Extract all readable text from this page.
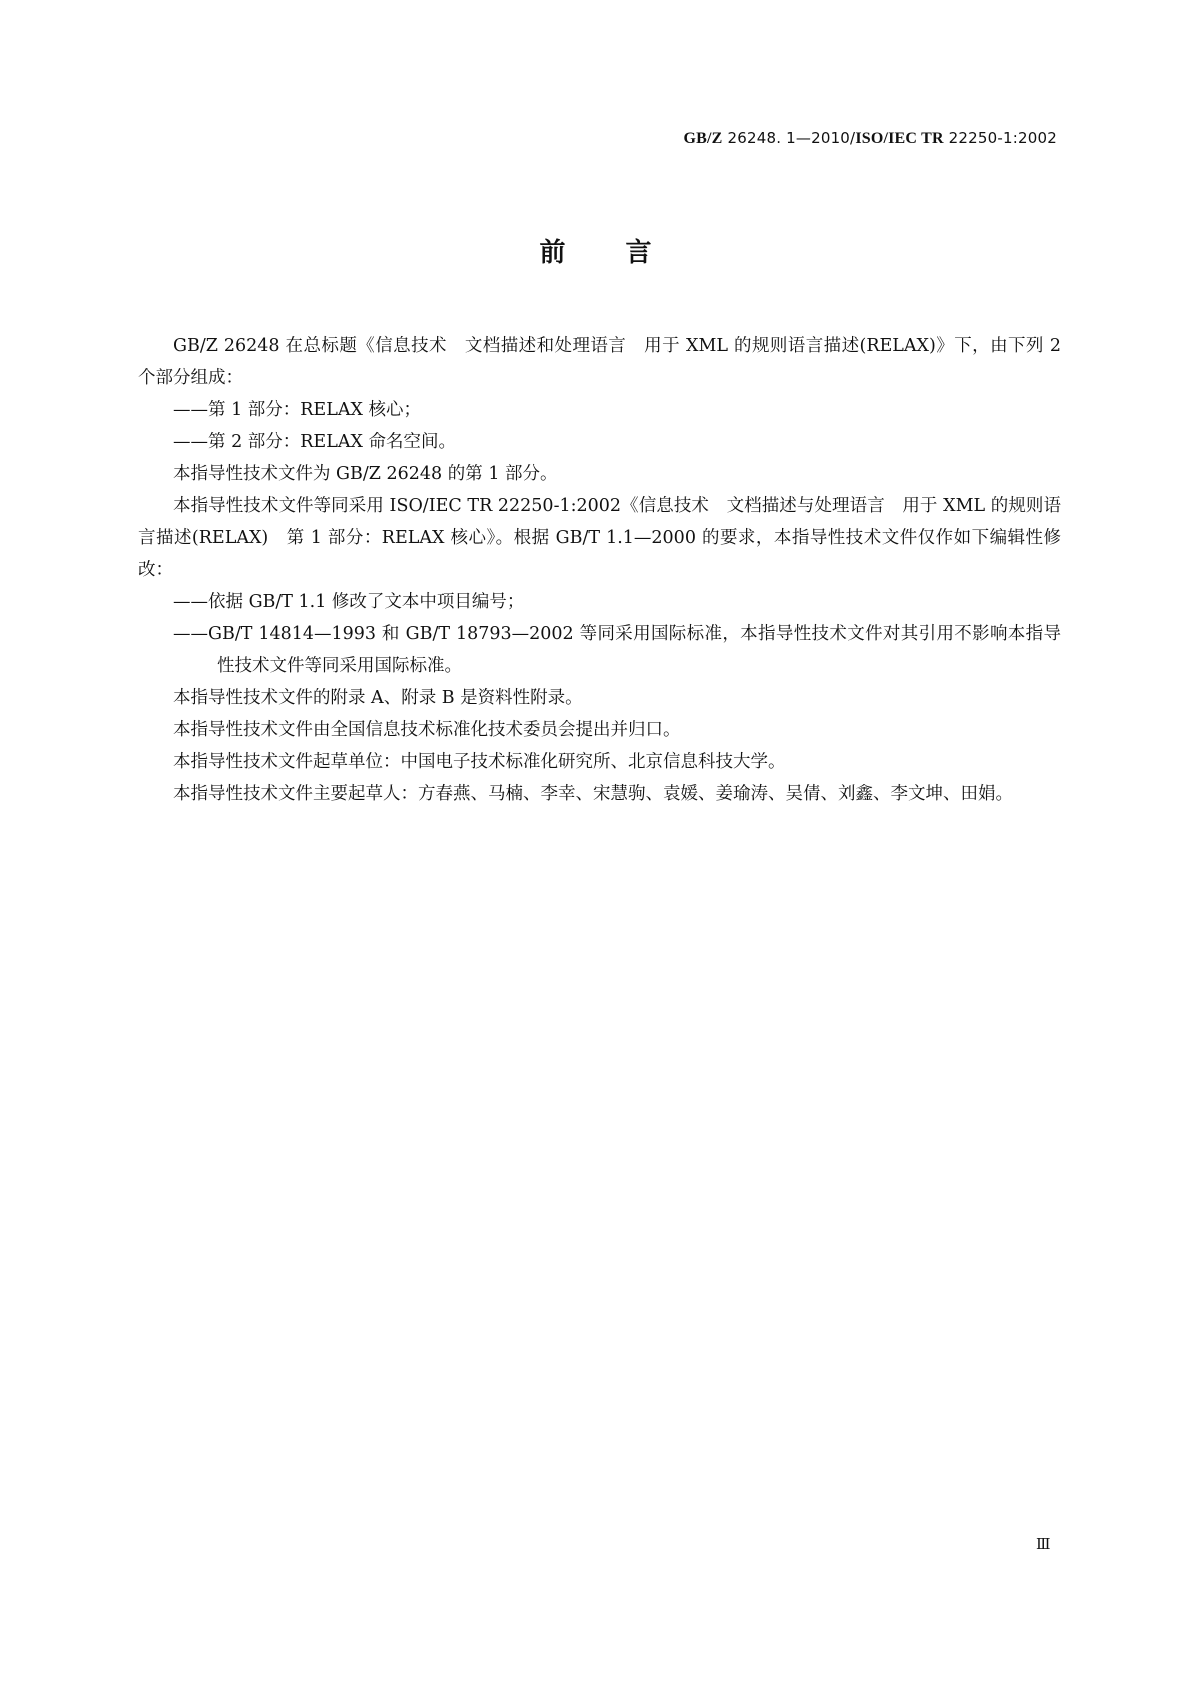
GB/Z 26248. 1—2010/ISO/IEC TR 22250-1:2002
前言

GB/Z 26248 在总标题《信息技术　文档描述和处理语言　用于 XML 的规则语言描述(RELAX)》下，由下列 2 个部分组成：

——第 1 部分：RELAX 核心；

——第 2 部分：RELAX 命名空间。

本指导性技术文件为 GB/Z 26248 的第 1 部分。

本指导性技术文件等同采用 ISO/IEC TR 22250-1:2002《信息技术　文档描述与处理语言　用于 XML 的规则语言描述(RELAX)　第 1 部分：RELAX 核心》。根据 GB/T 1.1—2000 的要求，本指导性技术文件仅作如下编辑性修改：

——依据 GB/T 1.1 修改了文本中项目编号；

——GB/T 14814—1993 和 GB/T 18793—2002 等同采用国际标准，本指导性技术文件对其引用不影响本指导性技术文件等同采用国际标准。

本指导性技术文件的附录 A、附录 B 是资料性附录。

本指导性技术文件由全国信息技术标准化技术委员会提出并归口。

本指导性技术文件起草单位：中国电子技术标准化研究所、北京信息科技大学。

本指导性技术文件主要起草人：方春燕、马楠、李幸、宋慧驹、袁媛、姜瑜涛、吴倩、刘鑫、李文坤、田娟。

Ⅲ
